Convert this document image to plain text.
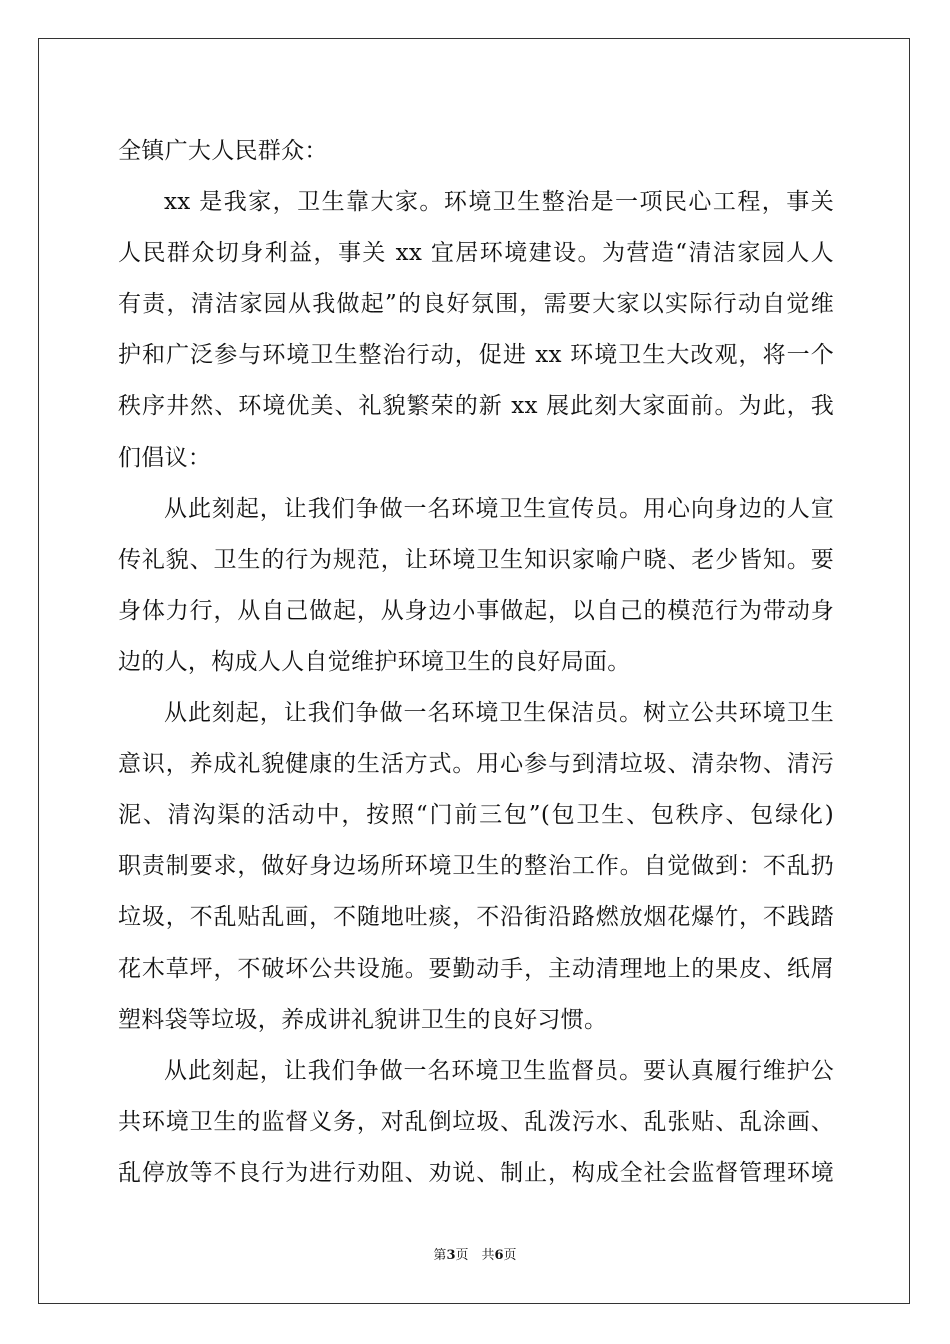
全镇广大人民群众：
xx 是我家，卫生靠大家。环境卫生整治是一项民心工程，事关
人民群众切身利益，事关 xx 宜居环境建设。为营造“清洁家园人人
有责，清洁家园从我做起”的良好氛围，需要大家以实际行动自觉维
护和广泛参与环境卫生整治行动，促进 xx 环境卫生大改观，将一个
秩序井然、环境优美、礼貌繁荣的新 xx 展此刻大家面前。为此，我
们倡议：
从此刻起，让我们争做一名环境卫生宣传员。用心向身边的人宣
传礼貌、卫生的行为规范，让环境卫生知识家喻户晓、老少皆知。要
身体力行，从自己做起，从身边小事做起，以自己的模范行为带动身
边的人，构成人人自觉维护环境卫生的良好局面。
从此刻起，让我们争做一名环境卫生保洁员。树立公共环境卫生
意识，养成礼貌健康的生活方式。用心参与到清垃圾、清杂物、清污
泥、清沟渠的活动中，按照“门前三包”(包卫生、包秩序、包绿化)
职责制要求，做好身边场所环境卫生的整治工作。自觉做到：不乱扔
垃圾，不乱贴乱画，不随地吐痰，不沿街沿路燃放烟花爆竹，不践踏
花木草坪，不破坏公共设施。要勤动手，主动清理地上的果皮、纸屑
塑料袋等垃圾，养成讲礼貌讲卫生的良好习惯。
从此刻起，让我们争做一名环境卫生监督员。要认真履行维护公
共环境卫生的监督义务，对乱倒垃圾、乱泼污水、乱张贴、乱涂画、
乱停放等不良行为进行劝阻、劝说、制止，构成全社会监督管理环境
第3页　共6页
